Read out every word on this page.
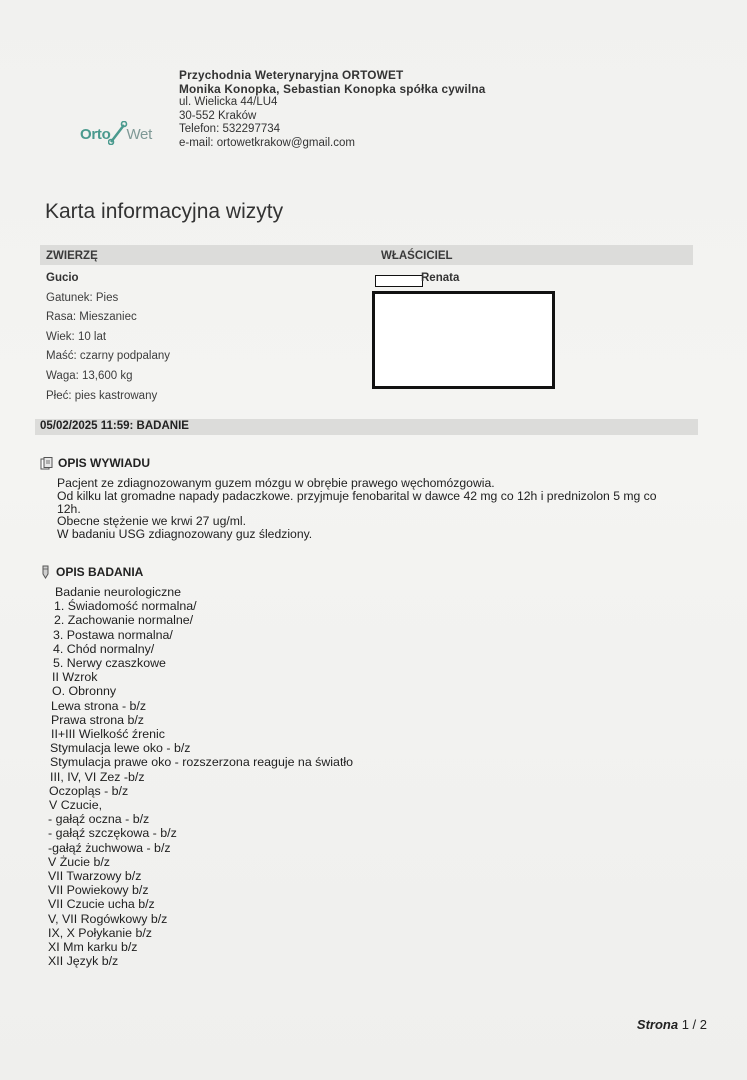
Przychodnia Weterynaryjna ORTOWET
Monika Konopka, Sebastian Konopka spółka cywilna
ul. Wielicka 44/LU4
30-552 Kraków
Telefon: 532297734
e-mail: ortowetkrakow@gmail.com
Orto Wet
Karta informacyjna wizyty
ZWIERZĘ	WŁAŚCICIEL
Gucio
Gatunek: Pies
Rasa: Mieszaniec
Wiek: 10 lat
Maść: czarny podpalany
Waga: 13,600 kg
Płeć: pies kastrowany
Renata
05/02/2025 11:59: BADANIE
OPIS WYWIADU
Pacjent ze zdiagnozowanym guzem mózgu w obrębie prawego węchomózgowia.
Od kilku lat gromadne napady padaczkowe. przyjmuje fenobarital w dawce 42 mg co 12h i prednizolon 5 mg co
12h.
Obecne stężenie we krwi 27 ug/ml.
W badaniu USG zdiagnozowany guz śledziony.
OPIS BADANIA
Badanie neurologiczne
1. Świadomość normalna/
2. Zachowanie normalne/
3. Postawa normalna/
4. Chód normalny/
5. Nerwy czaszkowe
II Wzrok
O. Obronny
Lewa strona - b/z
Prawa strona b/z
II+III Wielkość źrenic
Stymulacja lewe oko - b/z
Stymulacja prawe oko - rozszerzona reaguje na światło
III, IV, VI Zez -b/z
Oczopląs - b/z
V Czucie,
- gałąź oczna - b/z
- gałąź szczękowa - b/z
-gałąź żuchwowa - b/z
V Żucie b/z
VII Twarzowy b/z
VII Powiekowy b/z
VII Czucie ucha b/z
V, VII Rogówkowy b/z
IX, X Połykanie b/z
XI Mm karku b/z
XII Język b/z
Strona 1 / 2
